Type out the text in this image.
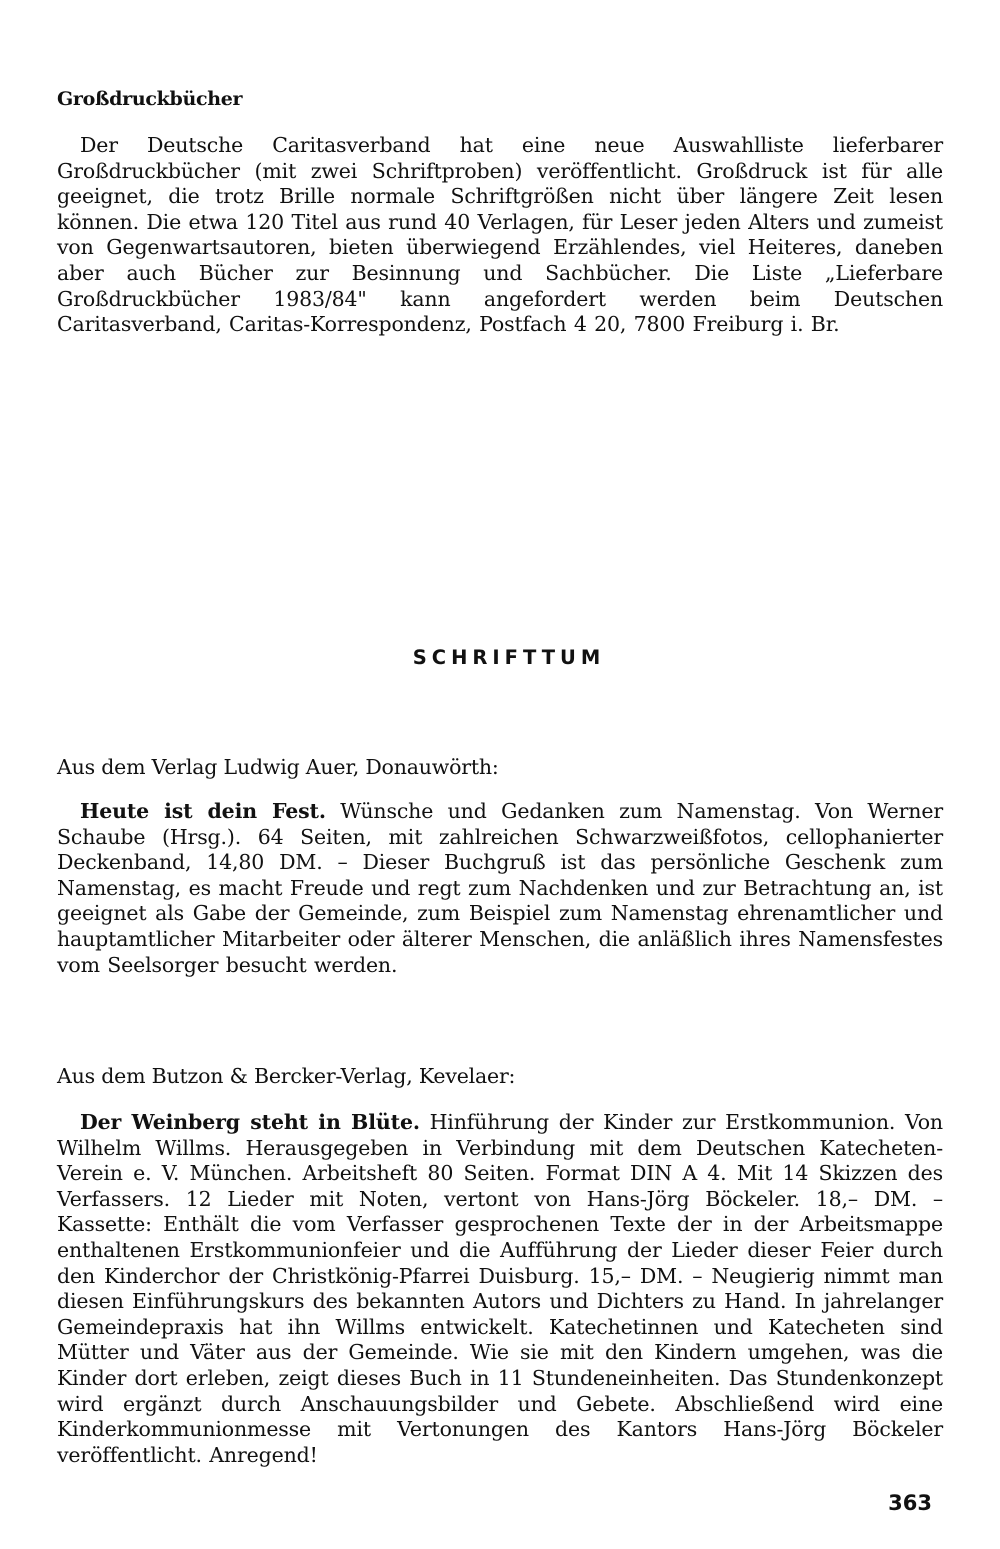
Großdruckbücher
Der Deutsche Caritasverband hat eine neue Auswahlliste lieferbarer Großdruckbücher (mit zwei Schriftproben) veröffentlicht. Großdruck ist für alle geeignet, die trotz Brille normale Schriftgrößen nicht über längere Zeit lesen können. Die etwa 120 Titel aus rund 40 Verlagen, für Leser jeden Alters und zumeist von Gegenwartsautoren, bieten überwiegend Erzählendes, viel Heiteres, daneben aber auch Bücher zur Besinnung und Sachbücher. Die Liste „Lieferbare Großdruckbücher 1983/84" kann angefordert werden beim Deutschen Caritasverband, Caritas-Korrespondenz, Postfach 4 20, 7800 Freiburg i. Br.
SCHRIFTTUM
Aus dem Verlag Ludwig Auer, Donauwörth:
Heute ist dein Fest. Wünsche und Gedanken zum Namenstag. Von Werner Schaube (Hrsg.). 64 Seiten, mit zahlreichen Schwarzweißfotos, cellophanierter Deckenband, 14,80 DM. – Dieser Buchgruß ist das persönliche Geschenk zum Namenstag, es macht Freude und regt zum Nachdenken und zur Betrachtung an, ist geeignet als Gabe der Gemeinde, zum Beispiel zum Namenstag ehrenamtlicher und hauptamtlicher Mitarbeiter oder älterer Menschen, die anläßlich ihres Namensfestes vom Seelsorger besucht werden.
Aus dem Butzon & Bercker-Verlag, Kevelaer:
Der Weinberg steht in Blüte. Hinführung der Kinder zur Erstkommunion. Von Wilhelm Willms. Herausgegeben in Verbindung mit dem Deutschen Katecheten-Verein e. V. München. Arbeitsheft 80 Seiten. Format DIN A 4. Mit 14 Skizzen des Verfassers. 12 Lieder mit Noten, vertont von Hans-Jörg Böckeler. 18,– DM. – Kassette: Enthält die vom Verfasser gesprochenen Texte der in der Arbeitsmappe enthaltenen Erstkommunionfeier und die Aufführung der Lieder dieser Feier durch den Kinderchor der Christkönig-Pfarrei Duisburg. 15,– DM. – Neugierig nimmt man diesen Einführungskurs des bekannten Autors und Dichters zu Hand. In jahrelanger Gemeindepraxis hat ihn Willms entwickelt. Katechetinnen und Katecheten sind Mütter und Väter aus der Gemeinde. Wie sie mit den Kindern umgehen, was die Kinder dort erleben, zeigt dieses Buch in 11 Stundeneinheiten. Das Stundenkonzept wird ergänzt durch Anschauungsbilder und Gebete. Abschließend wird eine Kinderkommunionmesse mit Vertonungen des Kantors Hans-Jörg Böckeler veröffentlicht. Anregend!
363
